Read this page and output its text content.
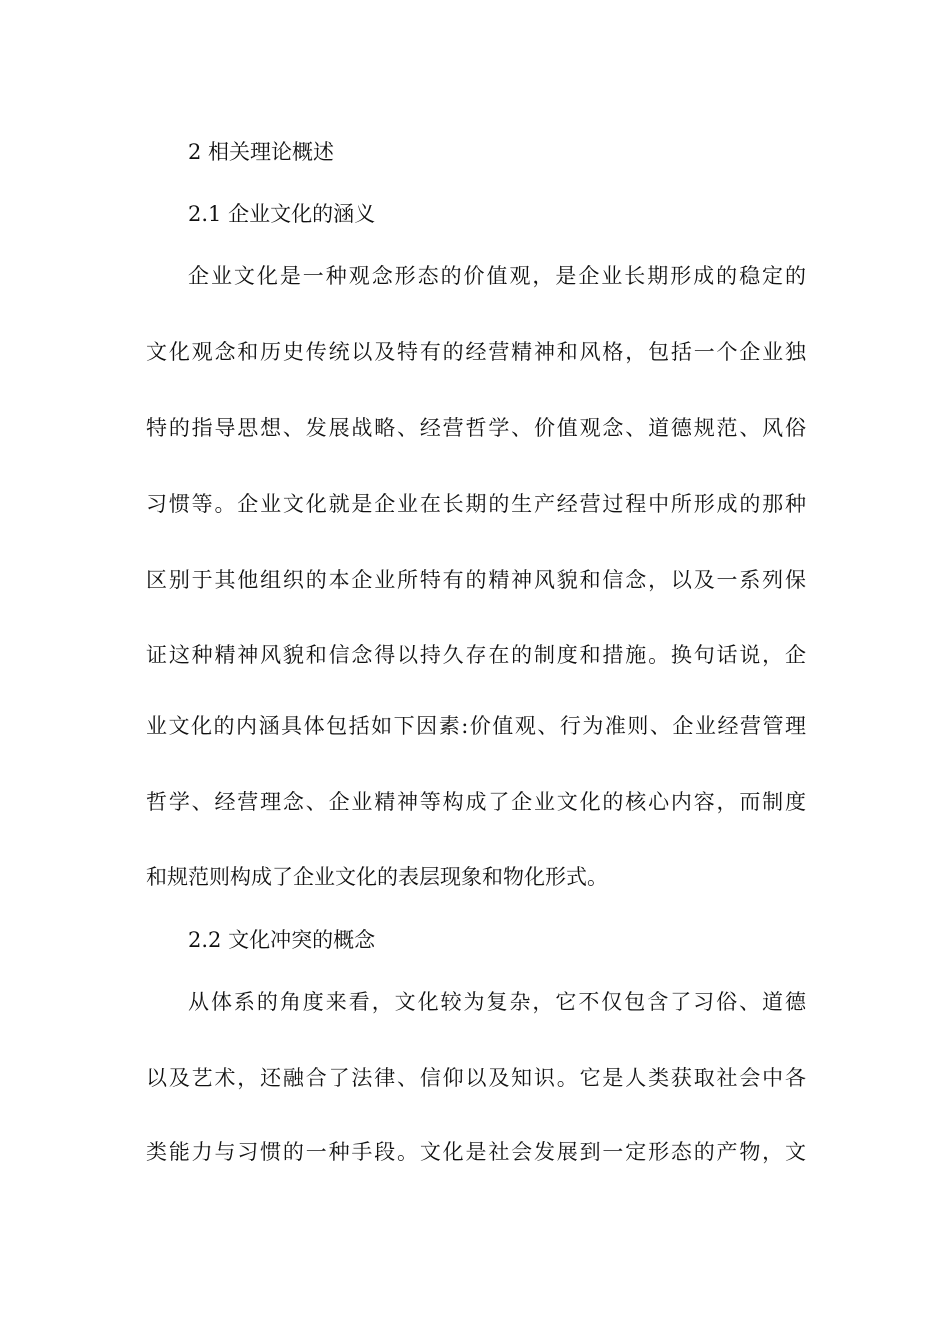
2 相关理论概述
2.1 企业文化的涵义
企业文化是一种观念形态的价值观，是企业长期形成的稳定的
文化观念和历史传统以及特有的经营精神和风格，包括一个企业独
特的指导思想、发展战略、经营哲学、价值观念、道德规范、风俗
习惯等。企业文化就是企业在长期的生产经营过程中所形成的那种
区别于其他组织的本企业所特有的精神风貌和信念，以及一系列保
证这种精神风貌和信念得以持久存在的制度和措施。换句话说，企
业文化的内涵具体包括如下因素:价值观、行为准则、企业经营管理
哲学、经营理念、企业精神等构成了企业文化的核心内容，而制度
和规范则构成了企业文化的表层现象和物化形式。
2.2 文化冲突的概念
从体系的角度来看，文化较为复杂，它不仅包含了习俗、道德
以及艺术，还融合了法律、信仰以及知识。它是人类获取社会中各
类能力与习惯的一种手段。文化是社会发展到一定形态的产物，文
